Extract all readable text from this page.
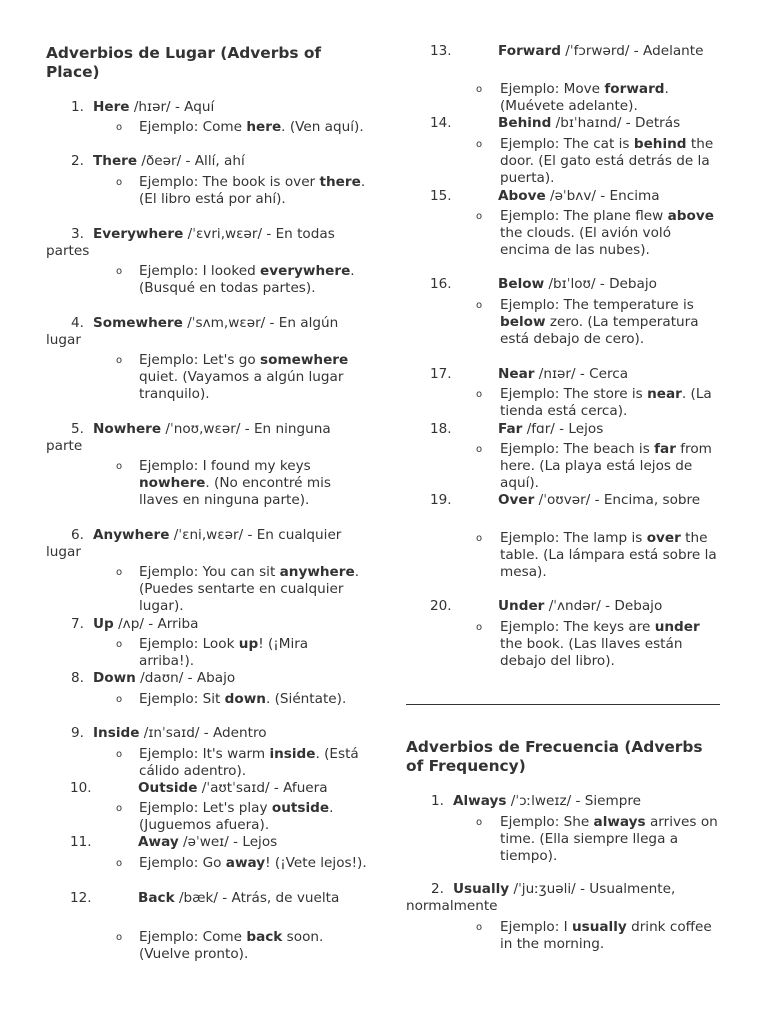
Adverbios de Lugar (Adverbs of Place)
Adverbios de Frecuencia (Adverbs of Frequency)
1. Here /hɪər/ - Aquí
o Ejemplo: Come here. (Ven aquí).
2. There /ðeər/ - Allí, ahí
o Ejemplo: The book is over there. (El libro está por ahí).
3. Everywhere /ˈɛvri,wɛər/ - En todas partes
o Ejemplo: I looked everywhere. (Busqué en todas partes).
4. Somewhere /ˈsʌm,wɛər/ - En algún lugar
o Ejemplo: Let's go somewhere quiet. (Vayamos a algún lugar tranquilo).
5. Nowhere /ˈnoʊ,wɛər/ - En ninguna parte
o Ejemplo: I found my keys nowhere. (No encontré mis llaves en ninguna parte).
6. Anywhere /ˈɛni,wɛər/ - En cualquier lugar
o Ejemplo: You can sit anywhere. (Puedes sentarte en cualquier lugar).
7. Up /ʌp/ - Arriba
o Ejemplo: Look up! (¡Mira arriba!).
8. Down /daʊn/ - Abajo
o Ejemplo: Sit down. (Siéntate).
9. Inside /ɪnˈsaɪd/ - Adentro
o Ejemplo: It's warm inside. (Está cálido adentro).
10.	Outside /ˈaʊtˈsaɪd/ - Afuera
o Ejemplo: Let's play outside. (Juguemos afuera).
11.	Away /əˈweɪ/ - Lejos
o Ejemplo: Go away! (¡Vete lejos!).
12.	Back /bæk/ - Atrás, de vuelta
o Ejemplo: Come back soon. (Vuelve pronto).
13.	Forward /ˈfɔrwərd/ - Adelante
o Ejemplo: Move forward. (Muévete adelante).
14.	Behind /bɪˈhaɪnd/ - Detrás
o Ejemplo: The cat is behind the door. (El gato está detrás de la puerta).
15.	Above /əˈbʌv/ - Encima
o Ejemplo: The plane flew above the clouds. (El avión voló encima de las nubes).
16.	Below /bɪˈloʊ/ - Debajo
o Ejemplo: The temperature is below zero. (La temperatura está debajo de cero).
17.	Near /nɪər/ - Cerca
o Ejemplo: The store is near. (La tienda está cerca).
18.	Far /fɑr/ - Lejos
o Ejemplo: The beach is far from here. (La playa está lejos de aquí).
19.	Over /ˈoʊvər/ - Encima, sobre
o Ejemplo: The lamp is over the table. (La lámpara está sobre la mesa).
20.	Under /ˈʌndər/ - Debajo
o Ejemplo: The keys are under the book. (Las llaves están debajo del libro).
1. Always /ˈɔːlweɪz/ - Siempre
o Ejemplo: She always arrives on time. (Ella siempre llega a tiempo).
2. Usually /ˈjuːʒuəli/ - Usualmente, normalmente
o Ejemplo: I usually drink coffee in the morning.
